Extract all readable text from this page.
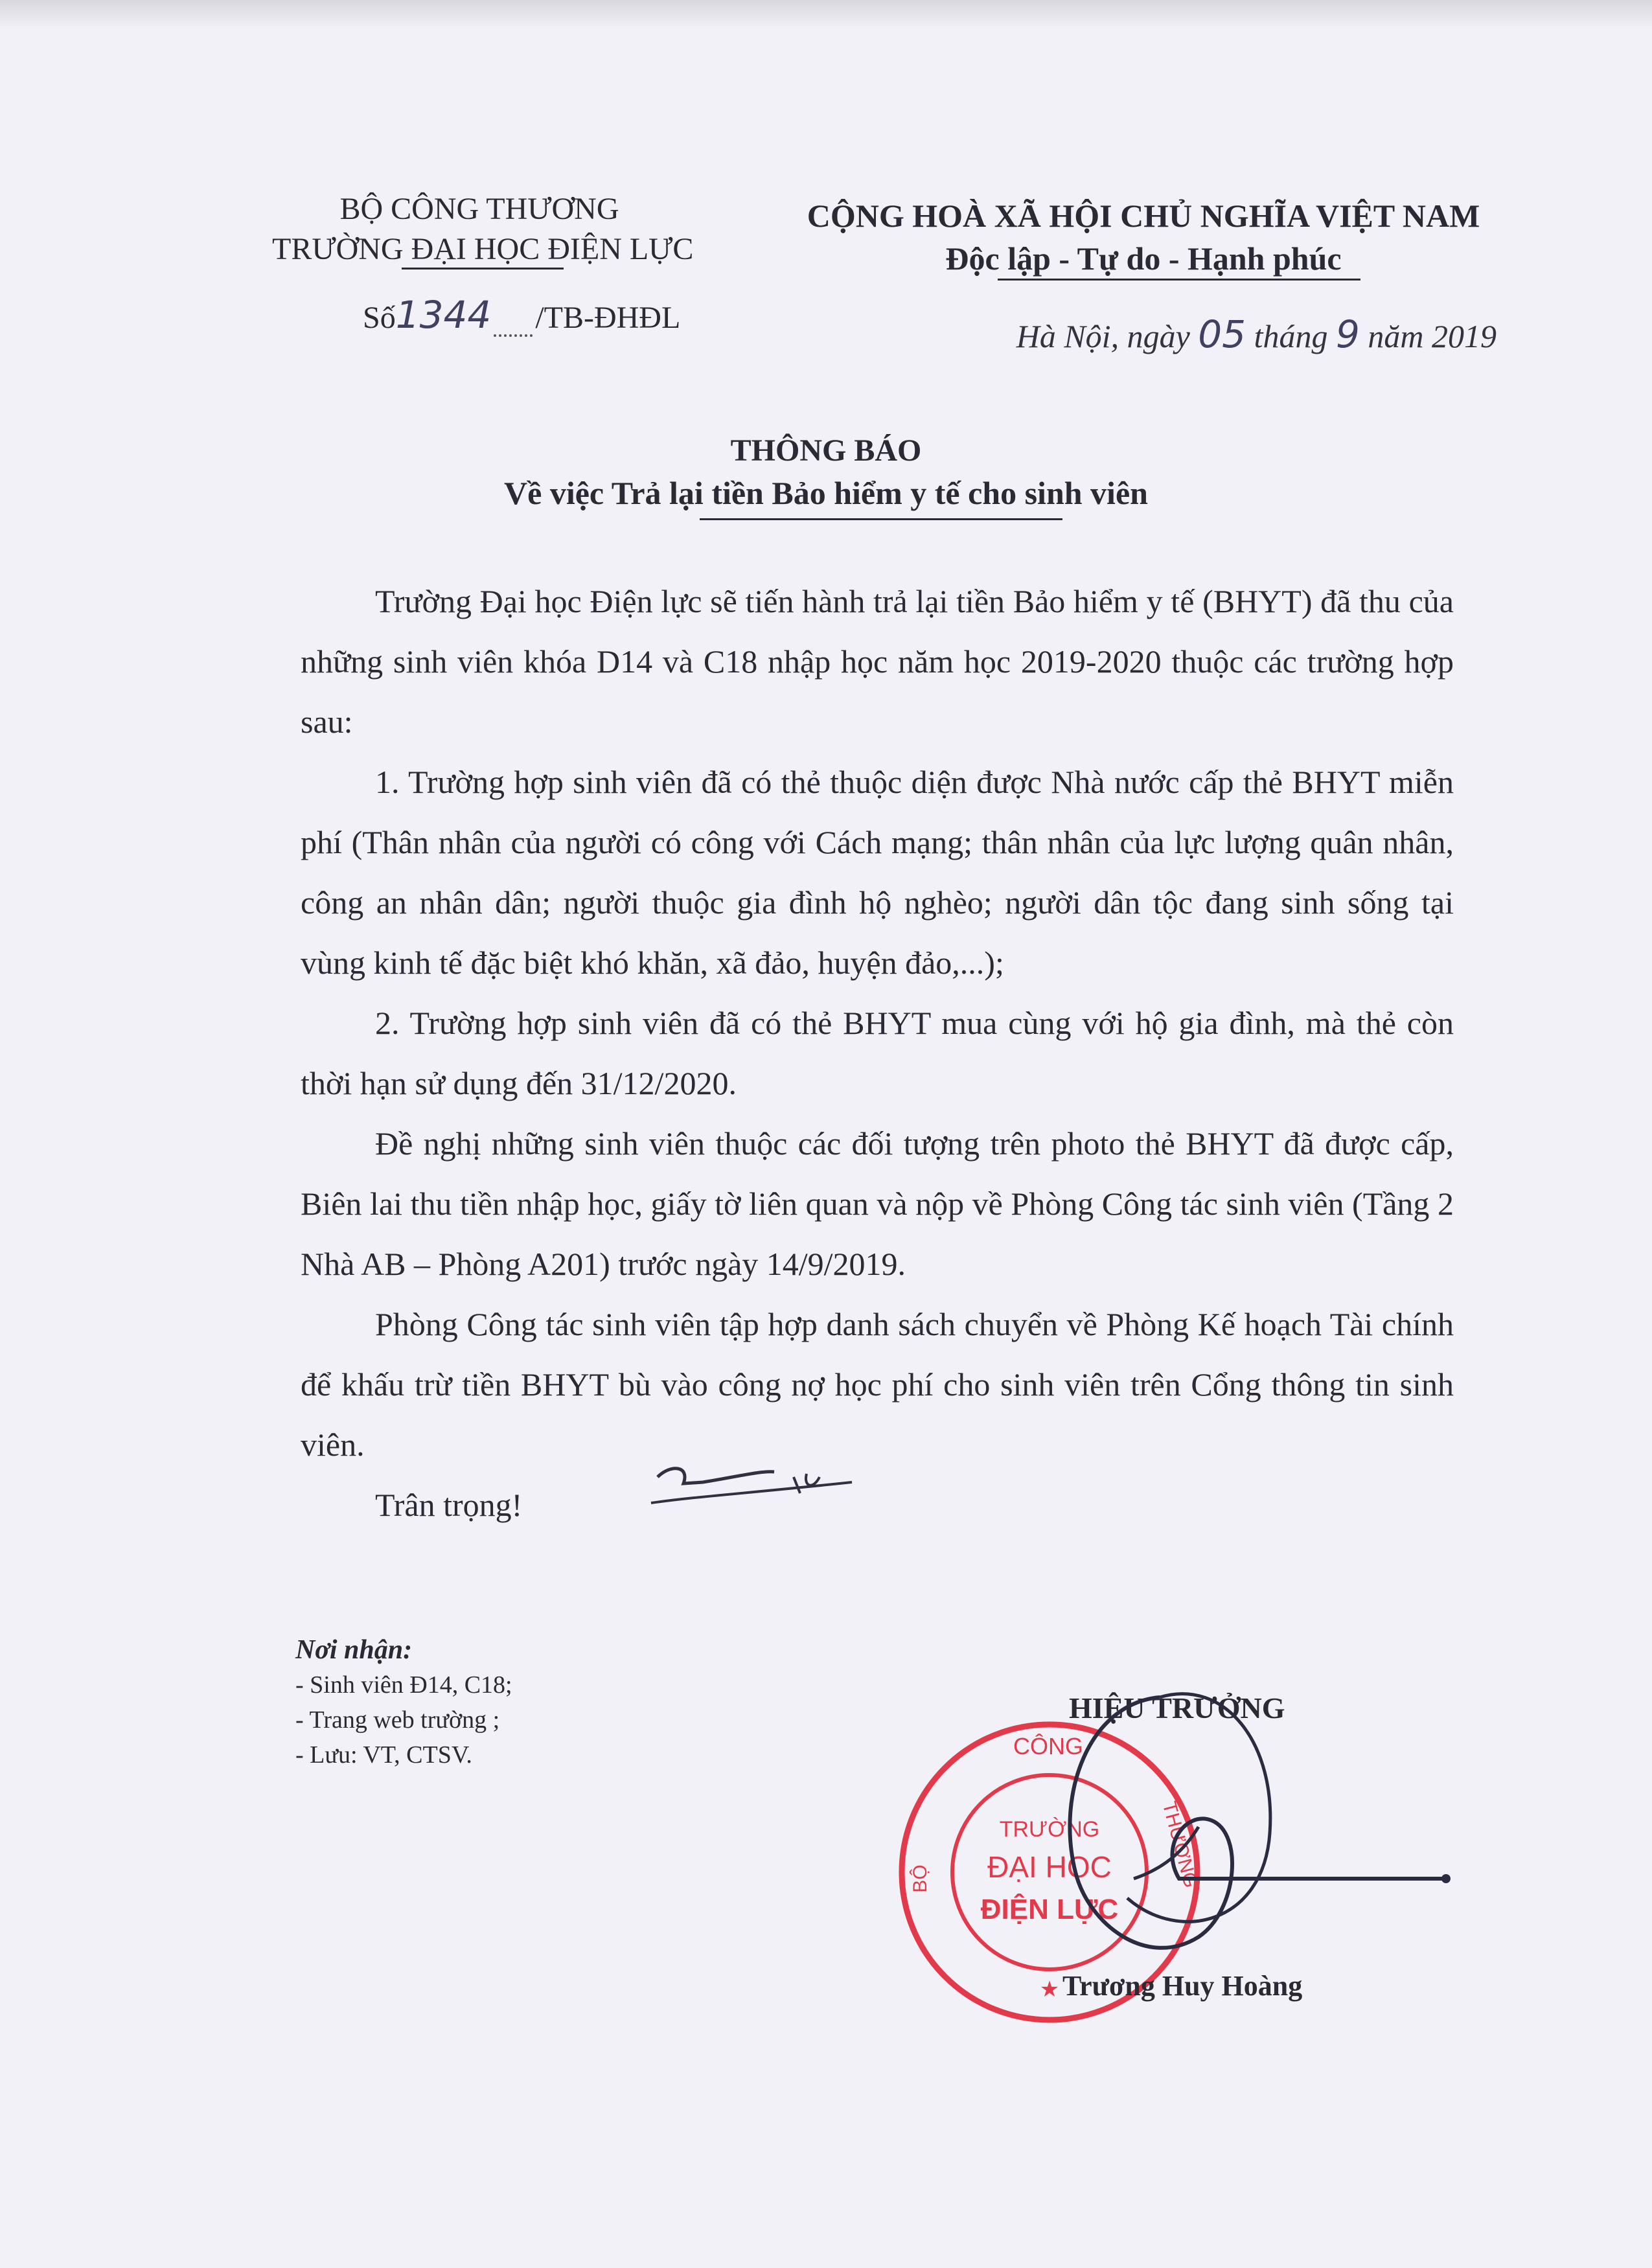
BỘ CÔNG THƯƠNG
TRƯỜNG ĐẠI HỌC ĐIỆN LỰC
Số1344 /TB-ĐHĐL
CỘNG HOÀ XÃ HỘI CHỦ NGHĨA VIỆT NAM
Độc lập - Tự do - Hạnh phúc
Hà Nội, ngày 05 tháng 9 năm 2019
THÔNG BÁO
Về việc Trả lại tiền Bảo hiểm y tế cho sinh viên

Trường Đại học Điện lực sẽ tiến hành trả lại tiền Bảo hiểm y tế (BHYT) đã thu của những sinh viên khóa D14 và C18 nhập học năm học 2019-2020 thuộc các trường hợp sau:

1. Trường hợp sinh viên đã có thẻ thuộc diện được Nhà nước cấp thẻ BHYT miễn phí (Thân nhân của người có công với Cách mạng; thân nhân của lực lượng quân nhân, công an nhân dân; người thuộc gia đình hộ nghèo; người dân tộc đang sinh sống tại vùng kinh tế đặc biệt khó khăn, xã đảo, huyện đảo,...);

2. Trường hợp sinh viên đã có thẻ BHYT mua cùng với hộ gia đình, mà thẻ còn thời hạn sử dụng đến 31/12/2020.

Đề nghị những sinh viên thuộc các đối tượng trên photo thẻ BHYT đã được cấp, Biên lai thu tiền nhập học, giấy tờ liên quan và nộp về Phòng Công tác sinh viên (Tầng 2 Nhà AB – Phòng A201) trước ngày 14/9/2019.

Phòng Công tác sinh viên tập hợp danh sách chuyển về Phòng Kế hoạch Tài chính để khấu trừ tiền BHYT bù vào công nợ học phí cho sinh viên trên Cổng thông tin sinh viên.

Trân trọng!

Nơi nhận:
- Sinh viên Đ14, C18;
- Trang web trường ;
- Lưu: VT, CTSV.
HIỆU TRƯỞNG
CÔNG
TRƯỜNG
ĐẠI HỌC
ĐIỆN LỰC
BỘ	THƯƠNG
★ Trương Huy Hoàng
